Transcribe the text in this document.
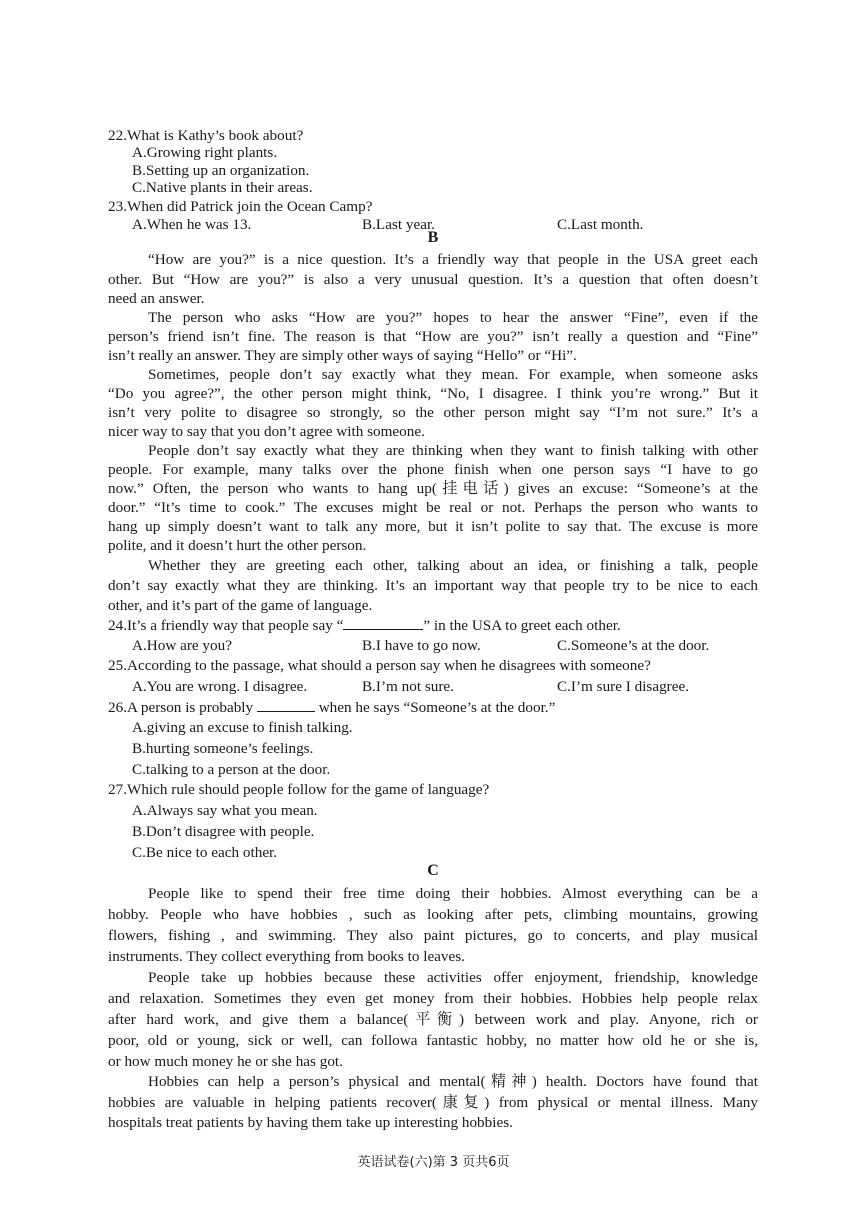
22.What is Kathy’s book about?
A.Growing right plants.
B.Setting up an organization.
C.Native plants in their areas.
23.When did Patrick join the Ocean Camp?
A.When he was 13.	B.Last year.	C.Last month.
B
“How are you?” is a nice question. It’s a friendly way that people in the USA greet each
other. But “How are you?” is also a very unusual question. It’s a question that often doesn’t
need an answer.
The person who asks “How are you?” hopes to hear the answer “Fine”, even if the
person’s friend isn’t fine. The reason is that “How are you?” isn’t really a question and “Fine”
isn’t really an answer. They are simply other ways of saying “Hello” or “Hi”.
Sometimes, people don’t say exactly what they mean. For example, when someone asks
“Do you agree?”, the other person might think, “No, I disagree. I think you’re wrong.” But it
isn’t very polite to disagree so strongly, so the other person might say “I’m not sure.” It’s a
nicer way to say that you don’t agree with someone.
People don’t say exactly what they are thinking when they want to finish talking with other
people. For example, many talks over the phone finish when one person says “I have to go
now.” Often, the person who wants to hang up(挂电话) gives an excuse: “Someone’s at the
door.” “It’s time to cook.” The excuses might be real or not. Perhaps the person who wants to
hang up simply doesn’t want to talk any more, but it isn’t polite to say that. The excuse is more
polite, and it doesn’t hurt the other person.
Whether they are greeting each other, talking about an idea, or finishing a talk, people
don’t say exactly what they are thinking. It’s an important way that people try to be nice to each
other, and it’s part of the game of language.
24.It’s a friendly way that people say “	” in the USA to greet each other.
A.How are you?	B.I have to go now.	C.Someone’s at the door.
25.According to the passage, what should a person say when he disagrees with someone?
A.You are wrong. I disagree.	B.I’m not sure.	C.I’m sure I disagree.
26.A person is probably	when he says “Someone’s at the door.”
A.giving an excuse to finish talking.
B.hurting someone’s feelings.
C.talking to a person at the door.
27.Which rule should people follow for the game of language?
A.Always say what you mean.
B.Don’t disagree with people.
C.Be nice to each other.
C
People like to spend their free time doing their hobbies. Almost everything can be a
hobby. People who have hobbies , such as looking after pets, climbing mountains, growing
flowers, fishing , and swimming. They also paint pictures, go to concerts, and play musical
instruments. They collect everything from books to leaves.
People take up hobbies because these activities offer enjoyment, friendship, knowledge
and relaxation. Sometimes they even get money from their hobbies. Hobbies help people relax
after hard work, and give them a balance(平衡) between work and play. Anyone, rich or
poor, old or young, sick or well, can followa fantastic hobby, no matter how old he or she is,
or how much money he or she has got.
Hobbies can help a person’s physical and mental(精神) health. Doctors have found that
hobbies are valuable in helping patients recover(康复) from physical or mental illness. Many
hospitals treat patients by having them take up interesting hobbies.
英语试卷(六)第 3 页共6页
